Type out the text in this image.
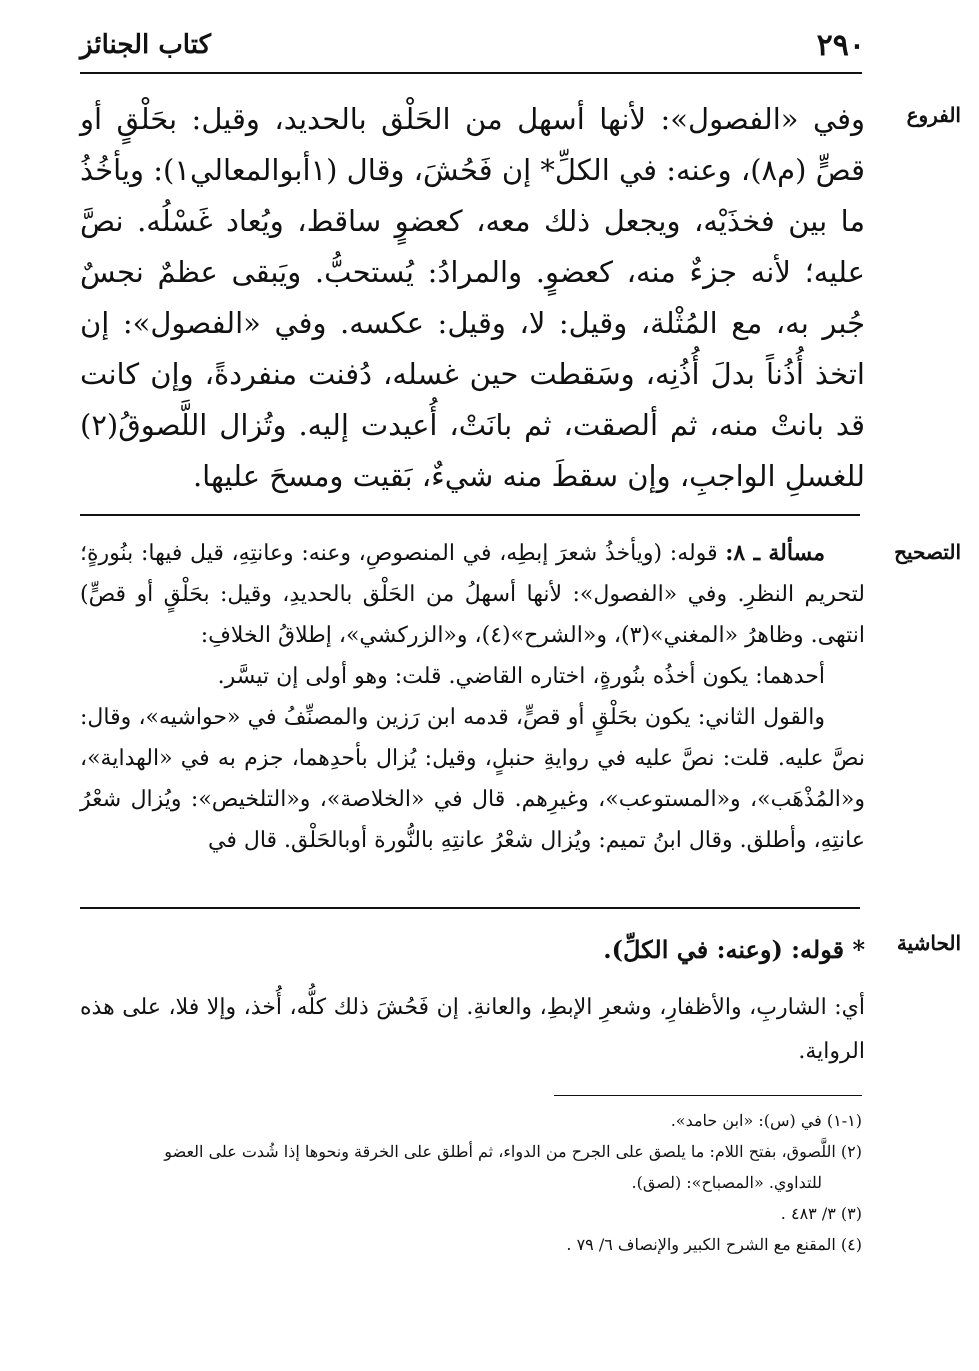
٢٩٠
كتاب الجنائز
الفروع

وفي «الفصول»: لأنها أسهل من الحَلْق بالحديد، وقيل: بحَلْقٍ أو قصٍّ (م٨)، وعنه: في الكلِّ* إن فَحُشَ، وقال (١أبوالمعالي١): ويأخُذُ ما بين فخذَيْه، ويجعل ذلك معه، كعضوٍ ساقط، ويُعاد غَسْلُه. نصَّ عليه؛ لأنه جزءٌ منه، كعضوٍ. والمرادُ: يُستحبُّ. ويَبقى عظمٌ نجسٌ جُبر به، مع المُثْلة، وقيل: لا، وقيل: عكسه. وفي «الفصول»: إن اتخذ أُذُناً بدلَ أُذُنِه، وسَقطت حين غسله، دُفنت منفردةً، وإن كانت قد بانتْ منه، ثم ألصقت، ثم بانَتْ، أُعيدت إليه. وتُزال اللَّصوقُ(٢) للغسلِ الواجبِ، وإن سقطَ منه شيءٌ، بَقيت ومسحَ عليها.

التصحيح

مسألة ـ ٨: قوله: (ويأخذُ شعرَ إبطِه، في المنصوصِ، وعنه: وعانتِهِ، قيل فيها: بنُورةٍ؛ لتحريم النظرِ. وفي «الفصول»: لأنها أسهلُ من الحَلْق بالحديدِ، وقيل: بحَلْقٍ أو قصٍّ) انتهى. وظاهرُ «المغني»(٣)، و«الشرح»(٤)، و«الزركشي»، إطلاقُ الخلافِ:

أحدهما: يكون أخذُه بنُورةٍ، اختاره القاضي. قلت: وهو أولى إن تيسَّر.

والقول الثاني: يكون بحَلْقٍ أو قصٍّ، قدمه ابن رَزين والمصنِّفُ في «حواشيه»، وقال: نصَّ عليه. قلت: نصَّ عليه في روايةِ حنبلٍ، وقيل: يُزال بأحدِهما، جزم به في «الهداية»، و«المُذْهَب»، و«المستوعب»، وغيرِهم. قال في «الخلاصة»، و«التلخيص»: ويُزال شعْرُ عانتِهِ، وأطلق. وقال ابنُ تميم: ويُزال شعْرُ عانتِهِ بالنُّورة أوبالحَلْق. قال في

الحاشية

* قوله: (وعنه: في الكلِّ).

أي: الشاربِ، والأظفارِ، وشعرِ الإبطِ، والعانةِ. إن فَحُشَ ذلك كلُّه، أُخذ، وإلا فلا، على هذه الرواية.

(١-١) في (س): «ابن حامد».

(٢) اللَّصوق، بفتح اللام: ما يلصق على الجرح من الدواء، ثم أطلق على الخرقة ونحوها إذا شُدت على العضو

للتداوي. «المصباح»: (لصق).

(٣) ٣/ ٤٨٣ .

(٤) المقنع مع الشرح الكبير والإنصاف ٦/ ٧٩ .
